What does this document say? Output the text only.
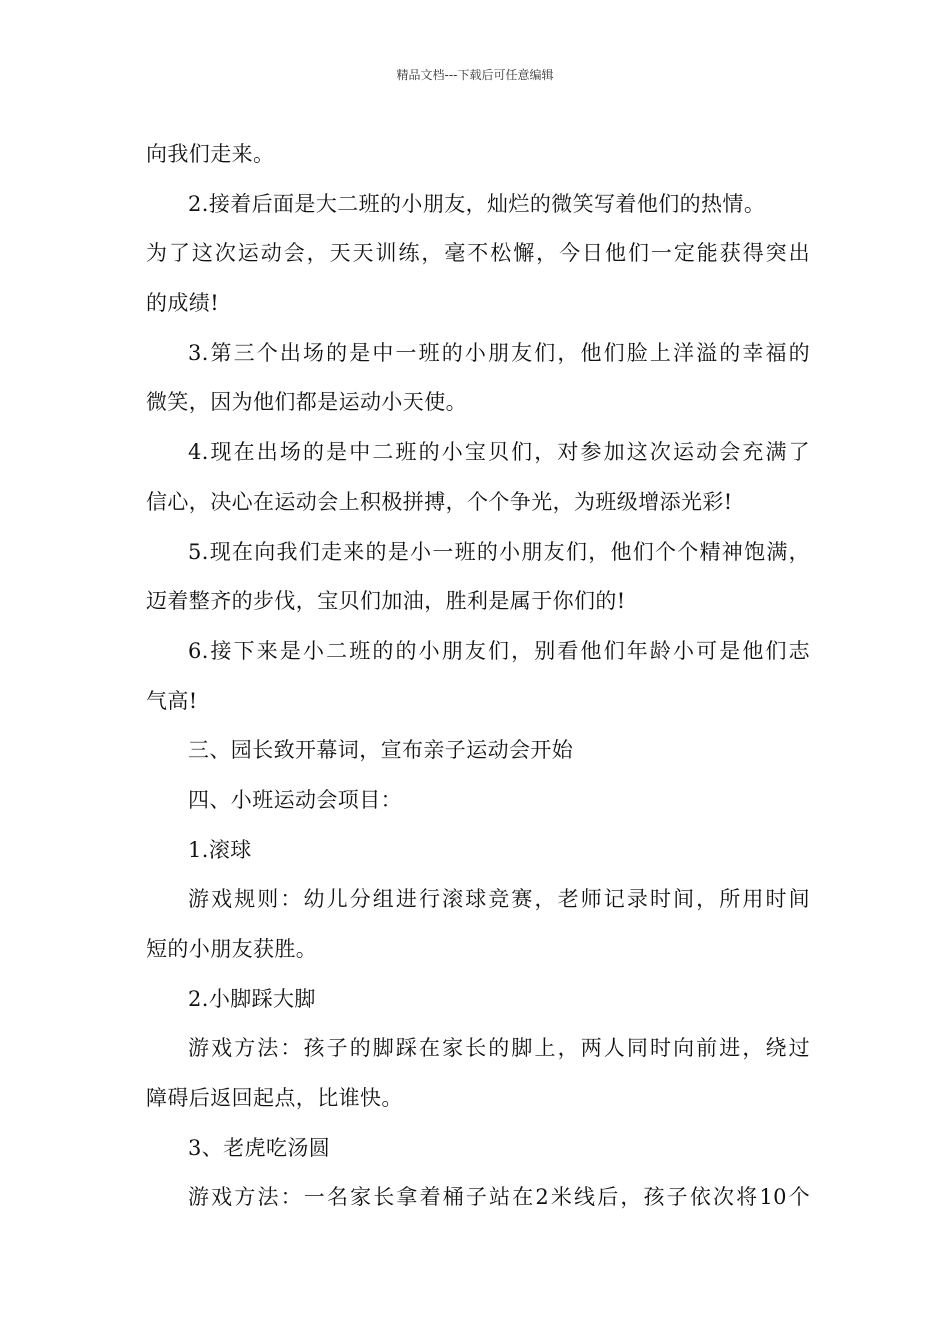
精品文档---下载后可任意编辑
向我们走来。
2.接着后面是大二班的小朋友，灿烂的微笑写着他们的热情。
为了这次运动会，天天训练，毫不松懈，今日他们一定能获得突出
的成绩!
3.第三个出场的是中一班的小朋友们，他们脸上洋溢的幸福的
微笑，因为他们都是运动小天使。
4.现在出场的是中二班的小宝贝们，对参加这次运动会充满了
信心，决心在运动会上积极拼搏，个个争光，为班级增添光彩!
5.现在向我们走来的是小一班的小朋友们，他们个个精神饱满，
迈着整齐的步伐，宝贝们加油，胜利是属于你们的!
6.接下来是小二班的的小朋友们，别看他们年龄小可是他们志
气高!
三、园长致开幕词，宣布亲子运动会开始
四、小班运动会项目：
1.滚球
游戏规则：幼儿分组进行滚球竞赛，老师记录时间，所用时间
短的小朋友获胜。
2.小脚踩大脚
游戏方法：孩子的脚踩在家长的脚上，两人同时向前进，绕过
障碍后返回起点，比谁快。
3、老虎吃汤圆
游戏方法：一名家长拿着桶子站在2米线后，孩子依次将10个
